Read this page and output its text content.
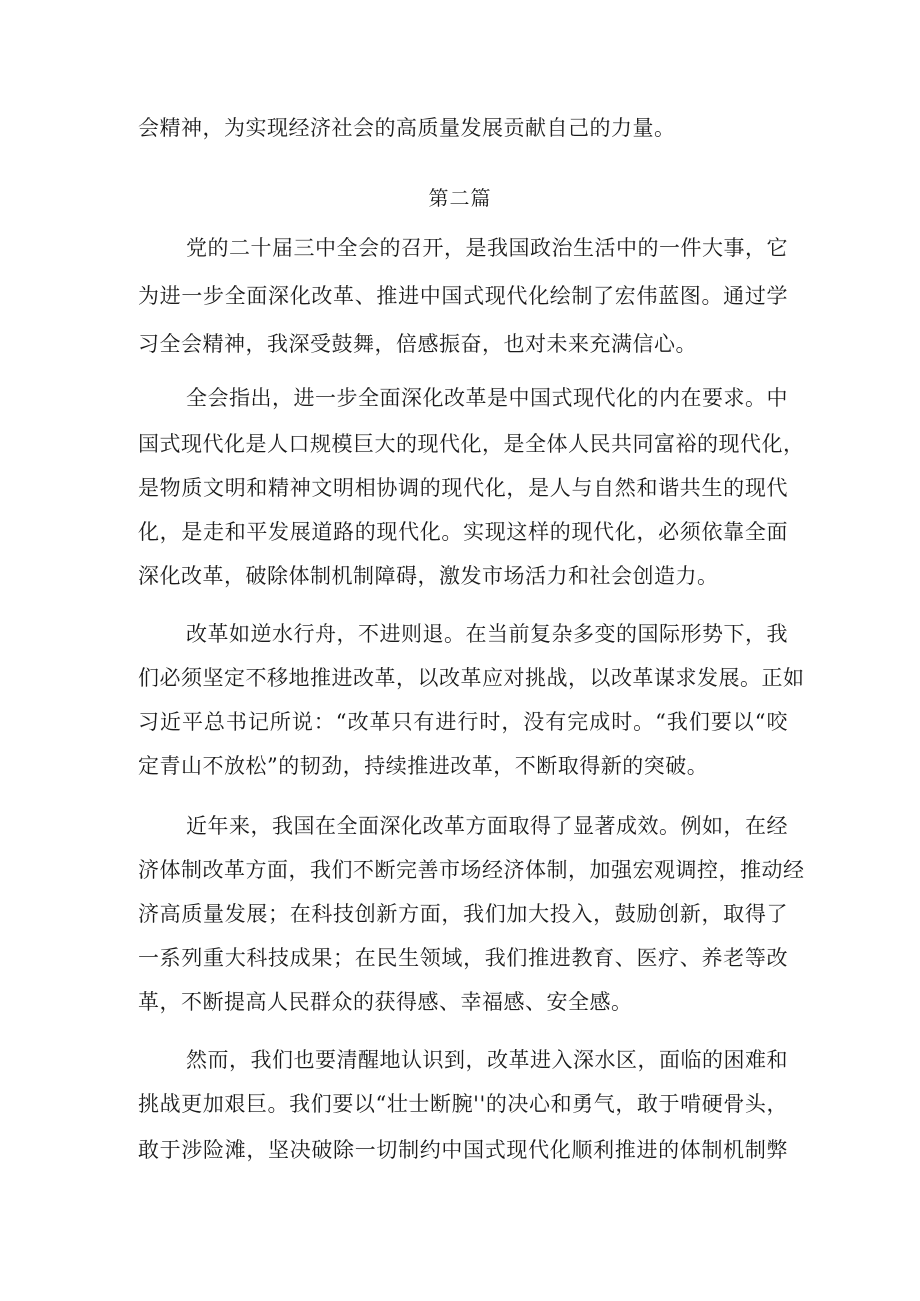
会精神，为实现经济社会的高质量发展贡献自己的力量。
第二篇
党的二十届三中全会的召开，是我国政治生活中的一件大事，它
为进一步全面深化改革、推进中国式现代化绘制了宏伟蓝图。通过学
习全会精神，我深受鼓舞，倍感振奋，也对未来充满信心。
全会指出，进一步全面深化改革是中国式现代化的内在要求。中
国式现代化是人口规模巨大的现代化，是全体人民共同富裕的现代化，
是物质文明和精神文明相协调的现代化，是人与自然和谐共生的现代
化，是走和平发展道路的现代化。实现这样的现代化，必须依靠全面
深化改革，破除体制机制障碍，激发市场活力和社会创造力。
改革如逆水行舟，不进则退。在当前复杂多变的国际形势下，我
们必须坚定不移地推进改革，以改革应对挑战，以改革谋求发展。正如
习近平总书记所说：“改革只有进行时，没有完成时。“我们要以“咬
定青山不放松”的韧劲，持续推进改革，不断取得新的突破。
近年来，我国在全面深化改革方面取得了显著成效。例如，在经
济体制改革方面，我们不断完善市场经济体制，加强宏观调控，推动经
济高质量发展；在科技创新方面，我们加大投入，鼓励创新，取得了
一系列重大科技成果；在民生领域，我们推进教育、医疗、养老等改
革，不断提高人民群众的获得感、幸福感、安全感。
然而，我们也要清醒地认识到，改革进入深水区，面临的困难和
挑战更加艰巨。我们要以“壮士断腕''的决心和勇气，敢于啃硬骨头，
敢于涉险滩，坚决破除一切制约中国式现代化顺利推进的体制机制弊
